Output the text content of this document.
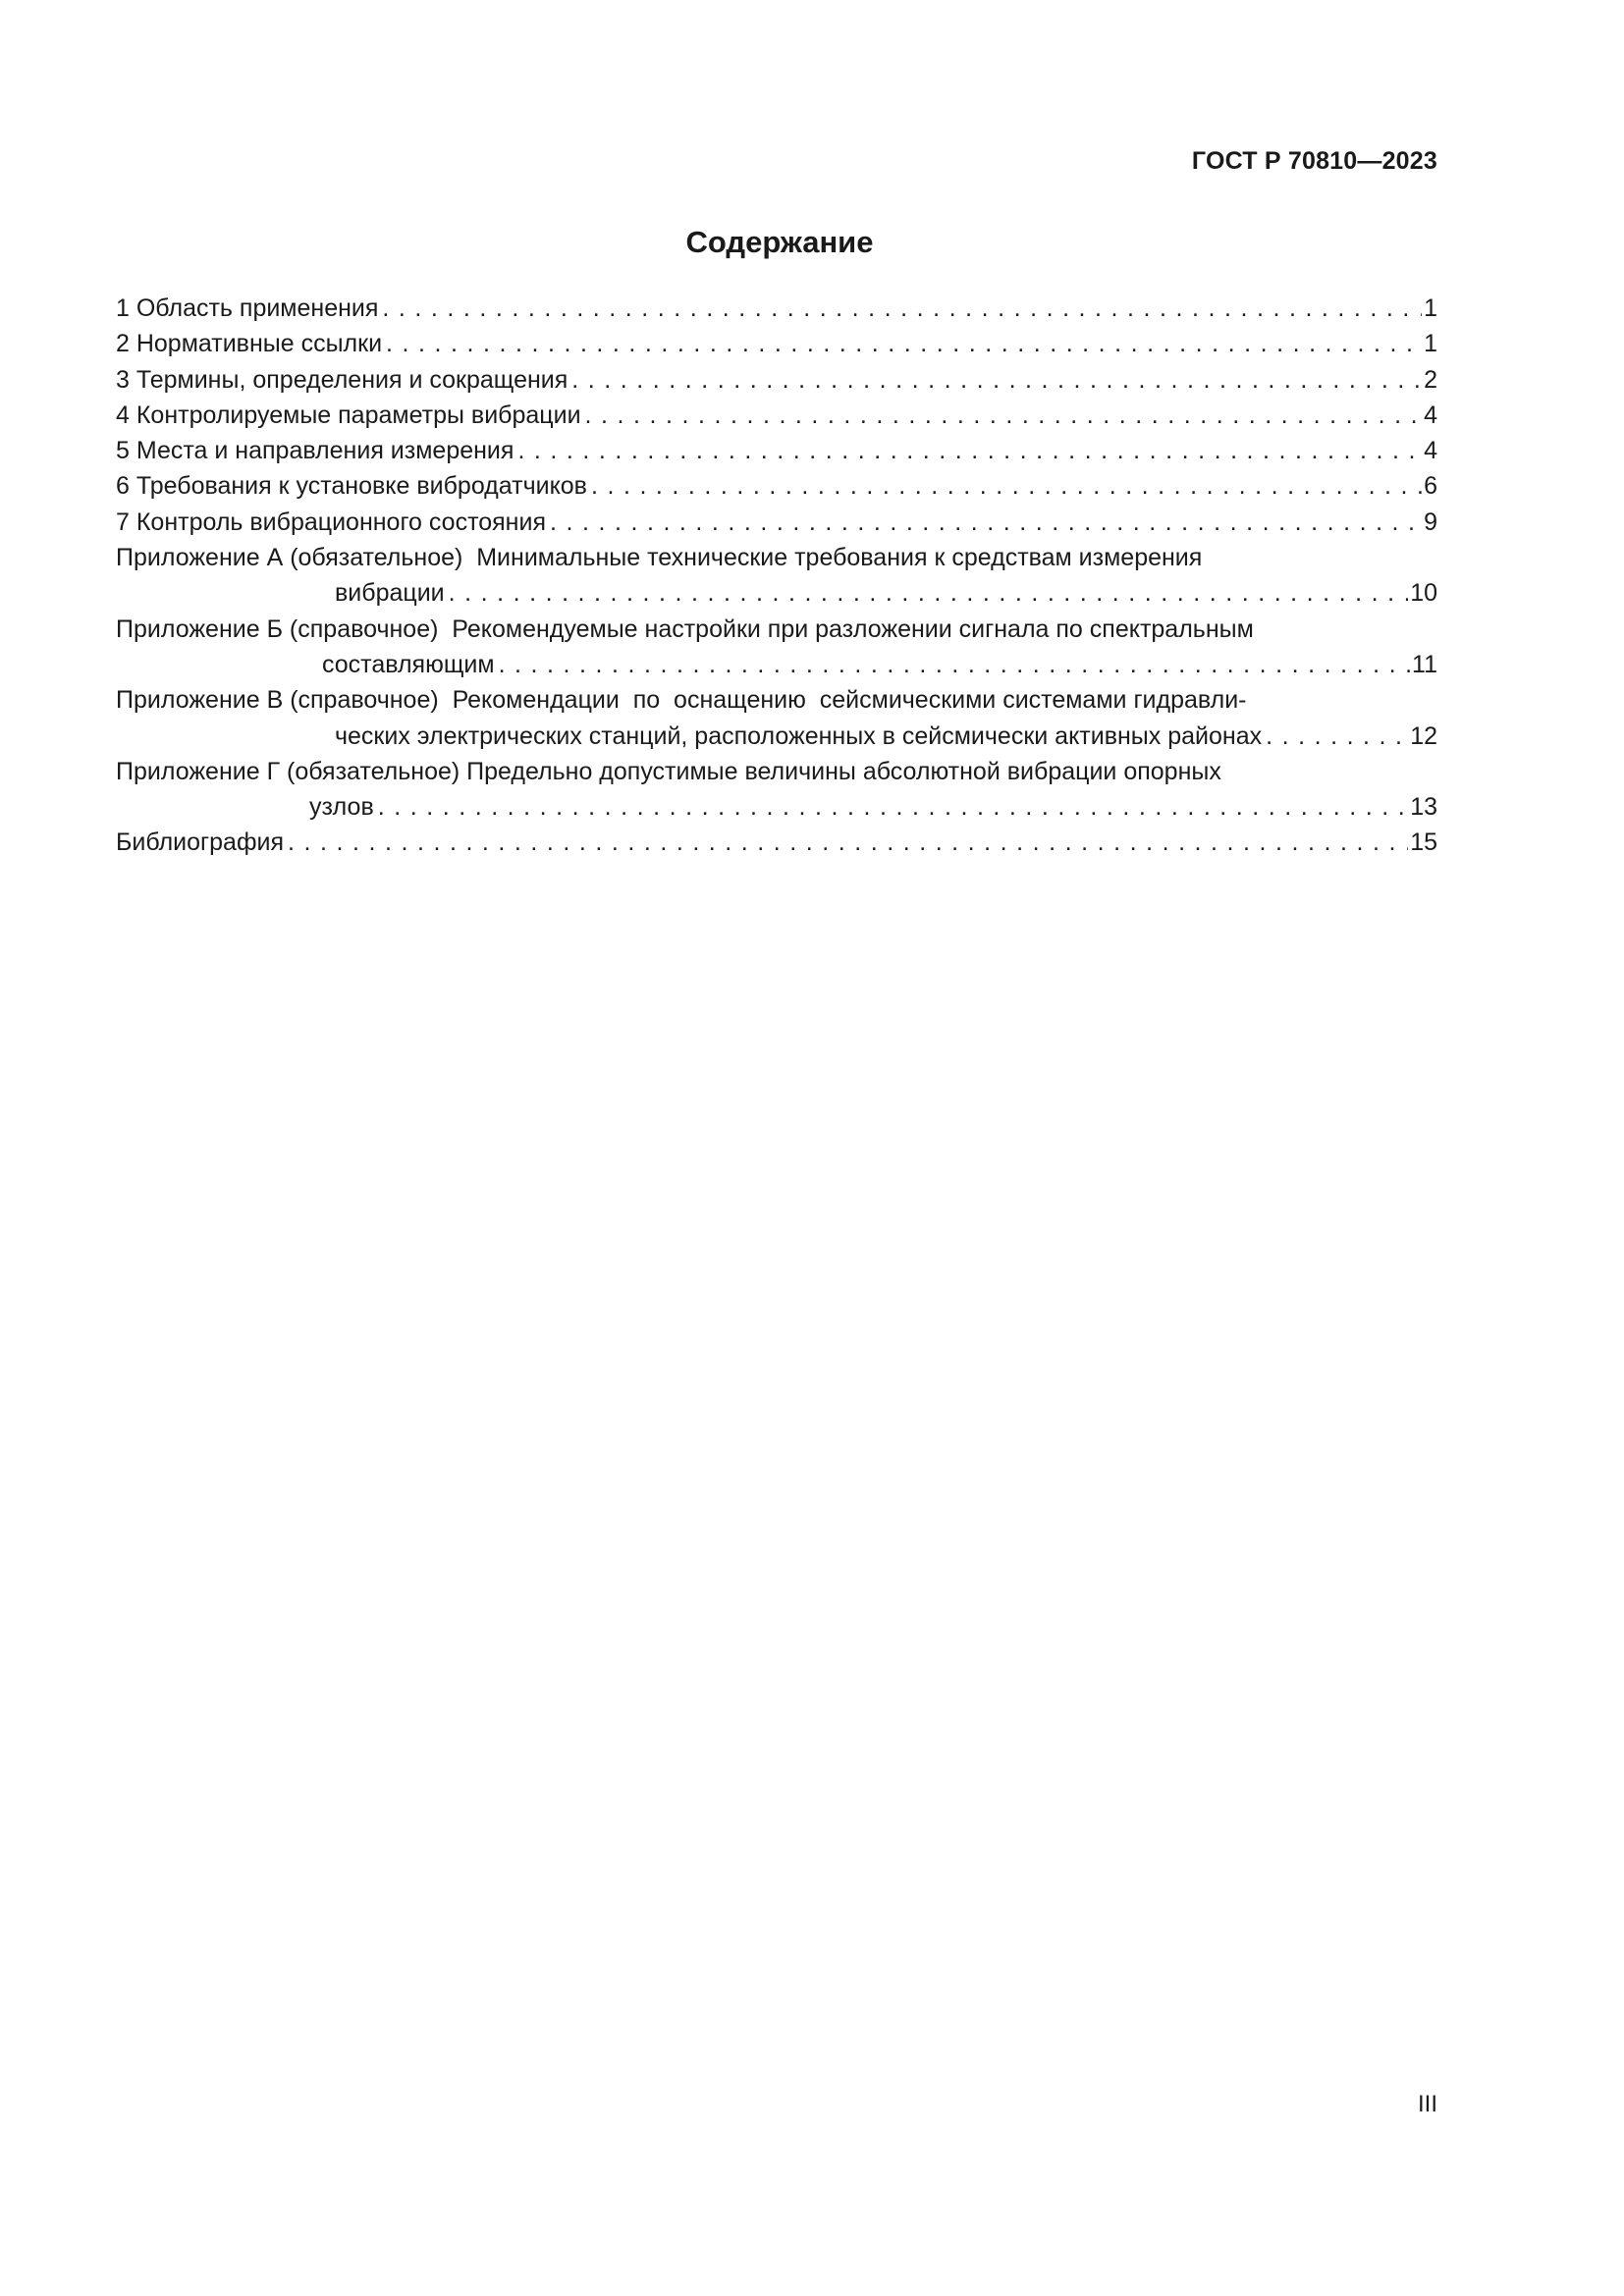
ГОСТ Р 70810—2023
Содержание
1 Область применения . . .	1
2 Нормативные ссылки . . .	1
3 Термины, определения и сокращения . . .	2
4 Контролируемые параметры вибрации . . .	4
5 Места и направления измерения . . .	4
6 Требования к установке вибродатчиков . . .	6
7 Контроль вибрационного состояния . . .	9
Приложение А (обязательное)  Минимальные технические требования к средствам измерения
вибрации . . .	10
Приложение Б (справочное)  Рекомендуемые настройки при разложении сигнала по спектральным
составляющим . . .	11
Приложение В (справочное)  Рекомендации  по  оснащению  сейсмическими системами гидравли-
ческих электрических станций, расположенных в сейсмически активных районах . . .	12
Приложение Г (обязательное) Предельно допустимые величины абсолютной вибрации опорных
узлов . . .	13
Библиография . . .	15
III
